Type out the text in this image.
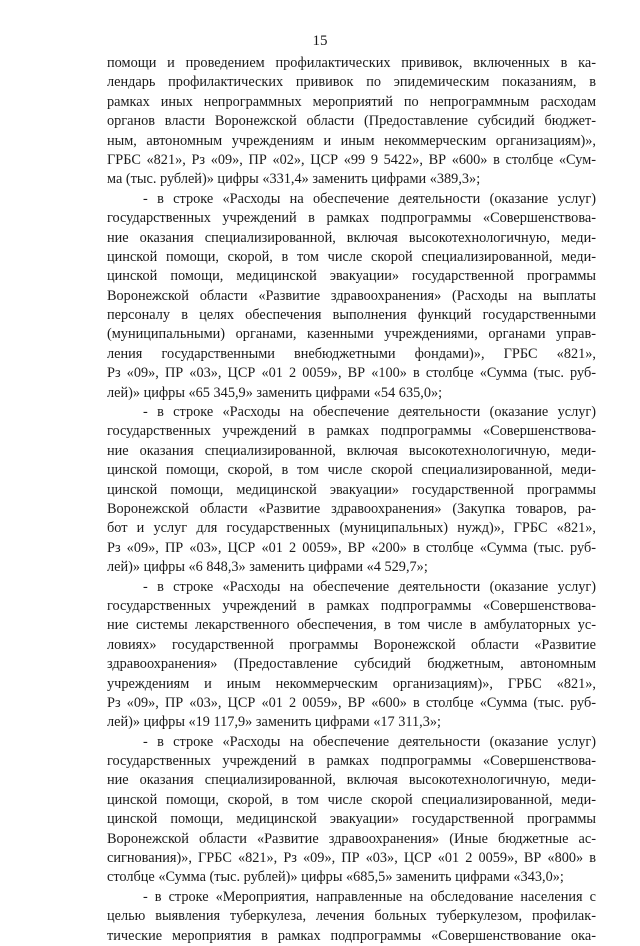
15
помощи и проведением профилактических прививок, включенных в ка-
лендарь профилактических прививок по эпидемическим показаниям, в
рамках иных непрограммных мероприятий по непрограммным расходам
органов власти Воронежской области (Предоставление субсидий бюджет-
ным, автономным учреждениям и иным некоммерческим организациям)»,
ГРБС «821», Рз «09», ПР «02», ЦСР «99 9 5422», ВР «600» в столбце «Сум-
ма (тыс. рублей)» цифры «331,4» заменить цифрами «389,3»;
- в строке «Расходы на обеспечение деятельности (оказание услуг)
государственных учреждений в рамках подпрограммы «Совершенствова-
ние оказания специализированной, включая высокотехнологичную, меди-
цинской помощи, скорой, в том числе скорой специализированной, меди-
цинской помощи, медицинской эвакуации» государственной программы
Воронежской области «Развитие здравоохранения» (Расходы на выплаты
персоналу в целях обеспечения выполнения функций государственными
(муниципальными) органами, казенными учреждениями, органами управ-
ления государственными внебюджетными фондами)», ГРБС «821»,
Рз «09», ПР «03», ЦСР «01 2 0059», ВР «100» в столбце «Сумма (тыс. руб-
лей)» цифры «65 345,9» заменить цифрами «54 635,0»;
- в строке «Расходы на обеспечение деятельности (оказание услуг)
государственных учреждений в рамках подпрограммы «Совершенствова-
ние оказания специализированной, включая высокотехнологичную, меди-
цинской помощи, скорой, в том числе скорой специализированной, меди-
цинской помощи, медицинской эвакуации» государственной программы
Воронежской области «Развитие здравоохранения» (Закупка товаров, ра-
бот и услуг для государственных (муниципальных) нужд)», ГРБС «821»,
Рз «09», ПР «03», ЦСР «01 2 0059», ВР «200» в столбце «Сумма (тыс. руб-
лей)» цифры «6 848,3» заменить цифрами «4 529,7»;
- в строке «Расходы на обеспечение деятельности (оказание услуг)
государственных учреждений в рамках подпрограммы «Совершенствова-
ние системы лекарственного обеспечения, в том числе в амбулаторных ус-
ловиях» государственной программы Воронежской области «Развитие
здравоохранения» (Предоставление субсидий бюджетным, автономным
учреждениям и иным некоммерческим организациям)», ГРБС «821»,
Рз «09», ПР «03», ЦСР «01 2 0059», ВР «600» в столбце «Сумма (тыс. руб-
лей)» цифры «19 117,9» заменить цифрами «17 311,3»;
- в строке «Расходы на обеспечение деятельности (оказание услуг)
государственных учреждений в рамках подпрограммы «Совершенствова-
ние оказания специализированной, включая высокотехнологичную, меди-
цинской помощи, скорой, в том числе скорой специализированной, меди-
цинской помощи, медицинской эвакуации» государственной программы
Воронежской области «Развитие здравоохранения» (Иные бюджетные ас-
сигнования)», ГРБС «821», Рз «09», ПР «03», ЦСР «01 2 0059», ВР «800» в
столбце «Сумма (тыс. рублей)» цифры «685,5» заменить цифрами «343,0»;
- в строке «Мероприятия, направленные на обследование населения с
целью выявления туберкулеза, лечения больных туберкулезом, профилак-
тические мероприятия в рамках подпрограммы «Совершенствование ока-
